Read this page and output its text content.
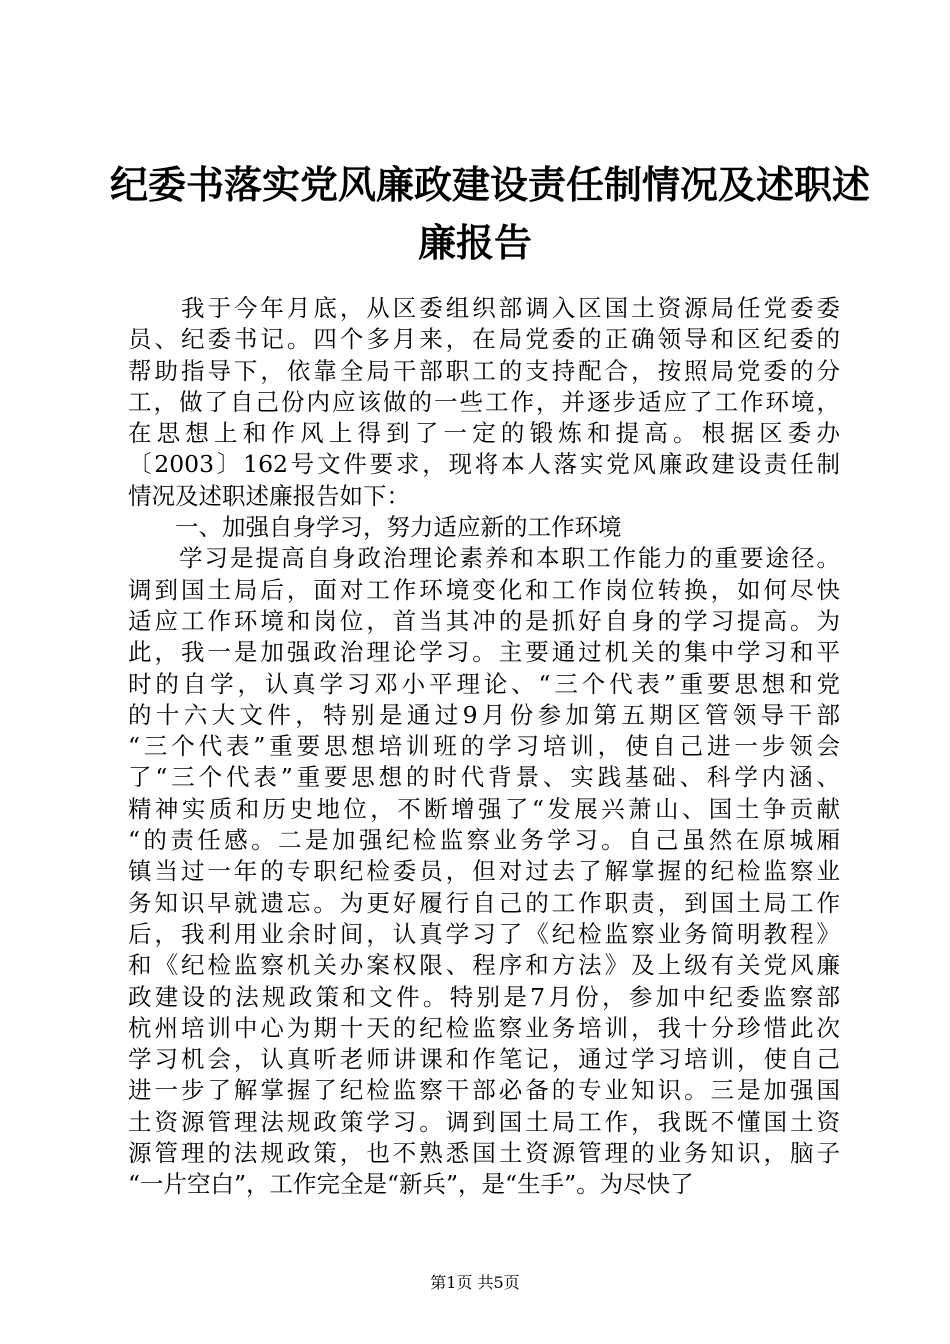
纪委书落实党风廉政建设责任制情况及述职述
廉报告
　　我于今年月底，从区委组织部调入区国土资源局任党委委
员、纪委书记。四个多月来，在局党委的正确领导和区纪委的
帮助指导下，依靠全局干部职工的支持配合，按照局党委的分
工，做了自己份内应该做的一些工作，并逐步适应了工作环境，
在思想上和作风上得到了一定的锻炼和提高。根据区委办
〔2003〕162号文件要求，现将本人落实党风廉政建设责任制
情况及述职述廉报告如下：
　　一、加强自身学习，努力适应新的工作环境
　　学习是提高自身政治理论素养和本职工作能力的重要途径。
调到国土局后，面对工作环境变化和工作岗位转换，如何尽快
适应工作环境和岗位，首当其冲的是抓好自身的学习提高。为
此，我一是加强政治理论学习。主要通过机关的集中学习和平
时的自学，认真学习邓小平理论、“三个代表”重要思想和党
的十六大文件，特别是通过9月份参加第五期区管领导干部
“三个代表”重要思想培训班的学习培训，使自己进一步领会
了“三个代表”重要思想的时代背景、实践基础、科学内涵、
精神实质和历史地位，不断增强了“发展兴萧山、国土争贡献
“的责任感。二是加强纪检监察业务学习。自己虽然在原城厢
镇当过一年的专职纪检委员，但对过去了解掌握的纪检监察业
务知识早就遗忘。为更好履行自己的工作职责，到国土局工作
后，我利用业余时间，认真学习了《纪检监察业务简明教程》
和《纪检监察机关办案权限、程序和方法》及上级有关党风廉
政建设的法规政策和文件。特别是7月份，参加中纪委监察部
杭州培训中心为期十天的纪检监察业务培训，我十分珍惜此次
学习机会，认真听老师讲课和作笔记，通过学习培训，使自己
进一步了解掌握了纪检监察干部必备的专业知识。三是加强国
土资源管理法规政策学习。调到国土局工作，我既不懂国土资
源管理的法规政策，也不熟悉国土资源管理的业务知识，脑子
“一片空白”，工作完全是“新兵”，是“生手”。为尽快了
第1页 共5页
